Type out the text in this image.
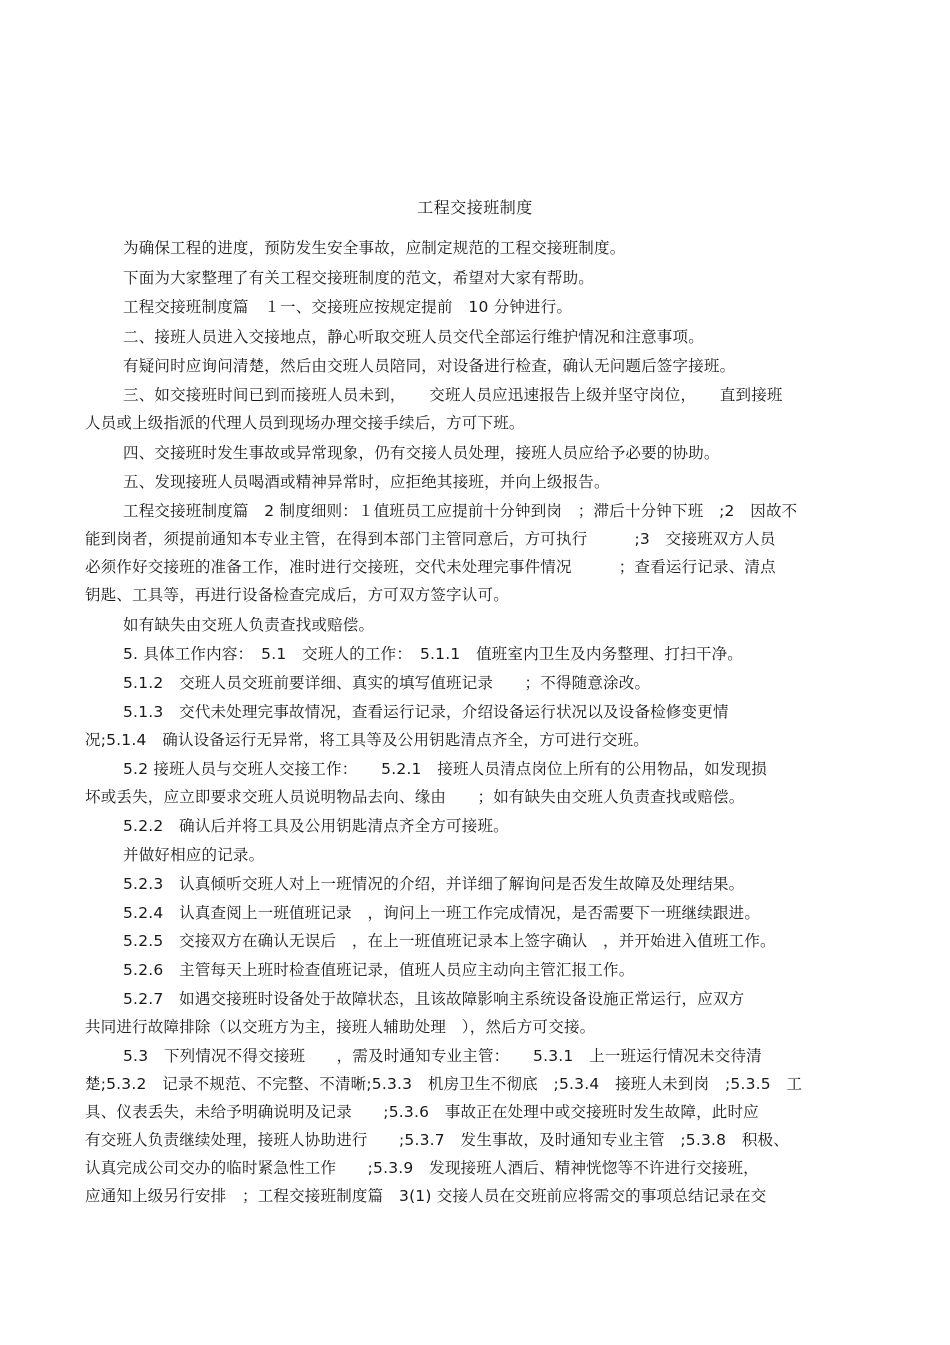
工程交接班制度
为确保工程的进度，预防发生安全事故，应制定规范的工程交接班制度。
下面为大家整理了有关工程交接班制度的范文，希望对大家有帮助。
工程交接班制度篇　１一、交接班应按规定提前　10 分钟进行。
二、接班人员进入交接地点，静心听取交班人员交代全部运行维护情况和注意事项。
有疑问时应询问清楚，然后由交班人员陪同，对设备进行检查，确认无问题后签字接班。
三、如交接班时间已到而接班人员未到，　　交班人员应迅速报告上级并坚守岗位，　　直到接班
人员或上级指派的代理人员到现场办理交接手续后，方可下班。
四、交接班时发生事故或异常现象，仍有交接人员处理，接班人员应给予必要的协助。
五、发现接班人员喝酒或精神异常时，应拒绝其接班，并向上级报告。
工程交接班制度篇　2 制度细则：１值班员工应提前十分钟到岗　；滞后十分钟下班　;2　因故不
能到岗者，须提前通知本专业主管，在得到本部门主管同意后，方可执行　　　;3　交接班双方人员
必须作好交接班的准备工作，准时进行交接班，交代未处理完事件情况　　　；查看运行记录、清点
钥匙、工具等，再进行设备检查完成后，方可双方签字认可。
如有缺失由交班人负责查找或赔偿。
5. 具体工作内容：　5.1　交班人的工作：　5.1.1　值班室内卫生及内务整理、打扫干净。
5.1.2　交班人员交班前要详细、真实的填写值班记录　　；不得随意涂改。
5.1.3　交代未处理完事故情况，查看运行记录，介绍设备运行状况以及设备检修变更情
况;5.1.4　确认设备运行无异常，将工具等及公用钥匙清点齐全，方可进行交班。
5.2 接班人员与交班人交接工作：　　5.2.1　接班人员清点岗位上所有的公用物品，如发现损
坏或丢失，应立即要求交班人员说明物品去向、缘由　　；如有缺失由交班人负责查找或赔偿。
5.2.2　确认后并将工具及公用钥匙清点齐全方可接班。
并做好相应的记录。
5.2.3　认真倾听交班人对上一班情况的介绍，并详细了解询问是否发生故障及处理结果。
5.2.4　认真查阅上一班值班记录　，询问上一班工作完成情况，是否需要下一班继续跟进。
5.2.5　交接双方在确认无误后　，在上一班值班记录本上签字确认　，并开始进入值班工作。
5.2.6　主管每天上班时检查值班记录，值班人员应主动向主管汇报工作。
5.2.7　如遇交接班时设备处于故障状态，且该故障影响主系统设备设施正常运行，应双方
共同进行故障排除（以交班方为主，接班人辅助处理　），然后方可交接。
5.3　下列情况不得交接班　　，需及时通知专业主管：　　5.3.1　上一班运行情况未交待清
楚;5.3.2　记录不规范、不完整、不清晰;5.3.3　机房卫生不彻底　;5.3.4　接班人未到岗　;5.3.5　工
具、仪表丢失，未给予明确说明及记录　　;5.3.6　事故正在处理中或交接班时发生故障，此时应
有交班人负责继续处理，接班人协助进行　　;5.3.7　发生事故，及时通知专业主管　;5.3.8　积极、
认真完成公司交办的临时紧急性工作　　;5.3.9　发现接班人酒后、精神恍惚等不许进行交接班，
应通知上级另行安排　；工程交接班制度篇　3(1) 交接人员在交班前应将需交的事项总结记录在交
